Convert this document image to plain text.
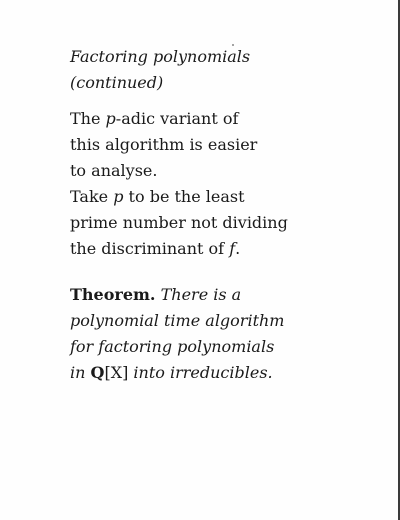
Factoring polynomials
(continued)
The p-adic variant of
this algorithm is easier
to analyse.
Take p to be the least
prime number not dividing
the discriminant of f.
Theorem. There is a
polynomial time algorithm
for factoring polynomials
in Q[X] into irreducibles.
